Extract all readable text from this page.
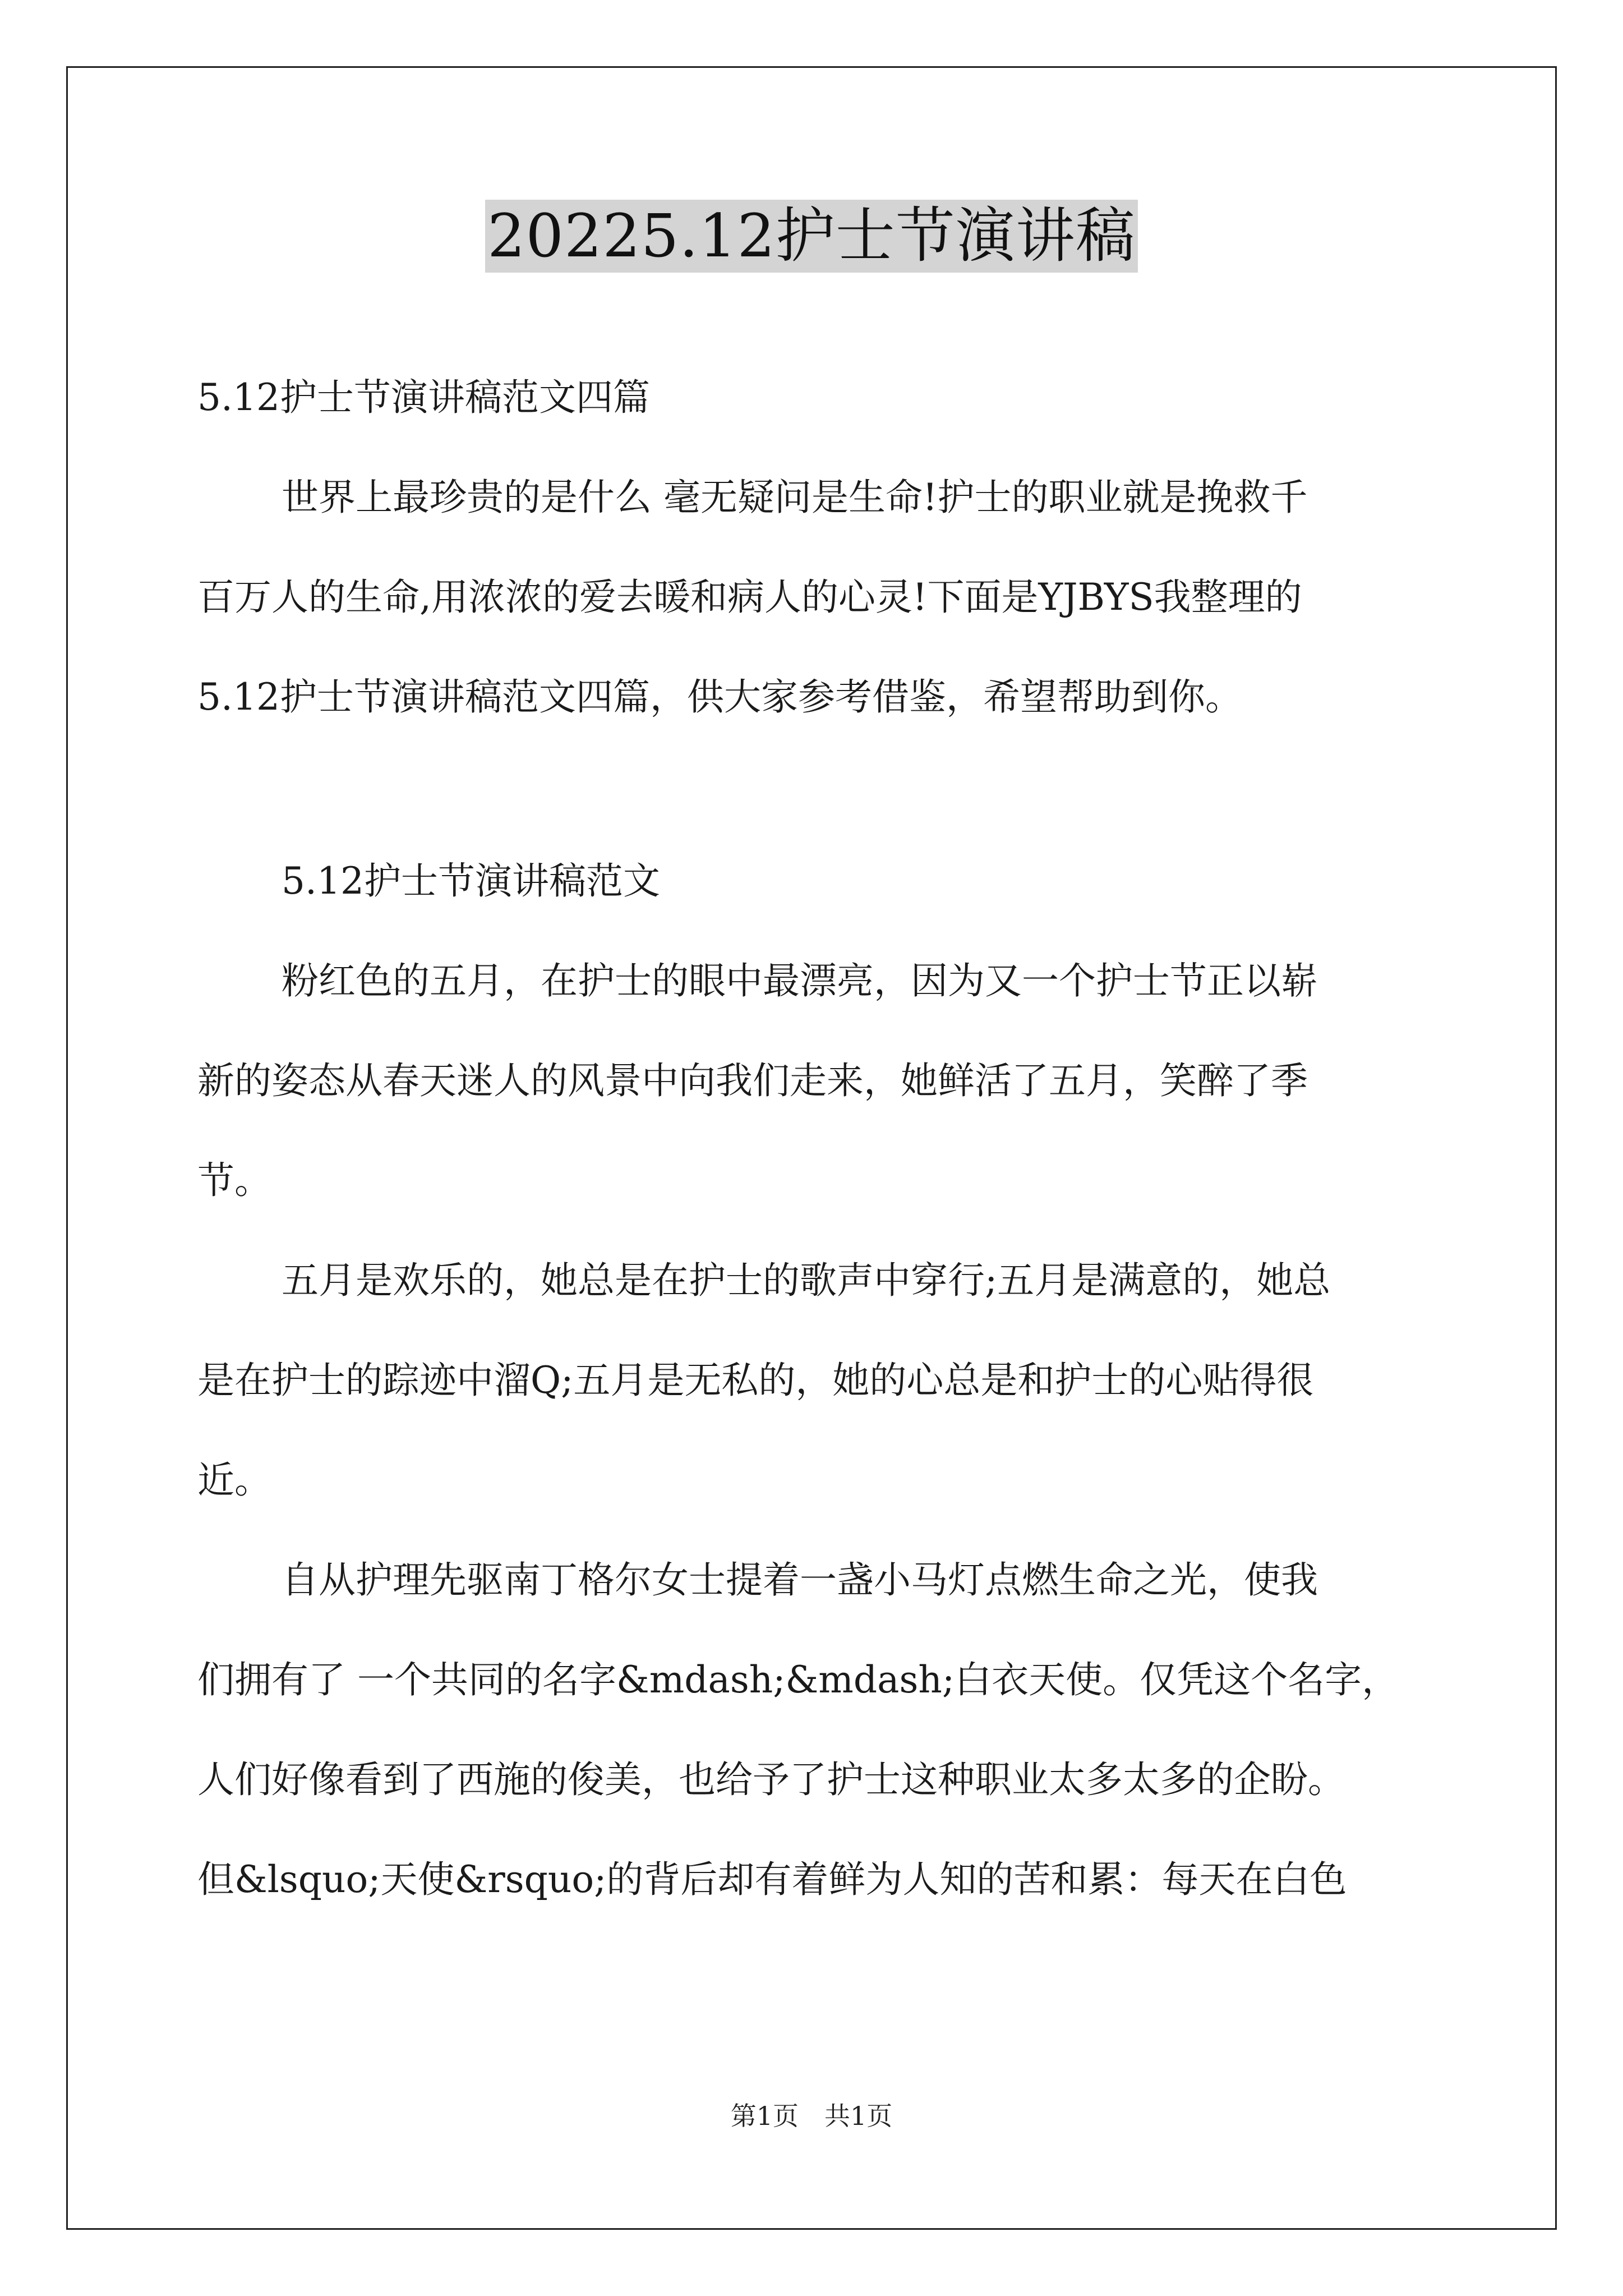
20225.12护士节演讲稿

5.12护士节演讲稿范文四篇

世界上最珍贵的是什么 毫无疑问是生命!护士的职业就是挽救千
百万人的生命,用浓浓的爱去暖和病人的心灵!下面是YJBYS我整理的
5.12护士节演讲稿范文四篇，供大家参考借鉴，希望帮助到你。

5.12护士节演讲稿范文

粉红色的五月，在护士的眼中最漂亮，因为又一个护士节正以崭
新的姿态从春天迷人的风景中向我们走来，她鲜活了五月，笑醉了季
节。

五月是欢乐的，她总是在护士的歌声中穿行;五月是满意的，她总
是在护士的踪迹中溜Q;五月是无私的，她的心总是和护士的心贴得很
近。

自从护理先驱南丁格尔女士提着一盏小马灯点燃生命之光，使我
们拥有了 一个共同的名字&mdash;&mdash;白衣天使。仅凭这个名字，
人们好像看到了西施的俊美，也给予了护士这种职业太多太多的企盼。
但&lsquo;天使&rsquo;的背后却有着鲜为人知的苦和累：每天在白色

第1页　共1页
